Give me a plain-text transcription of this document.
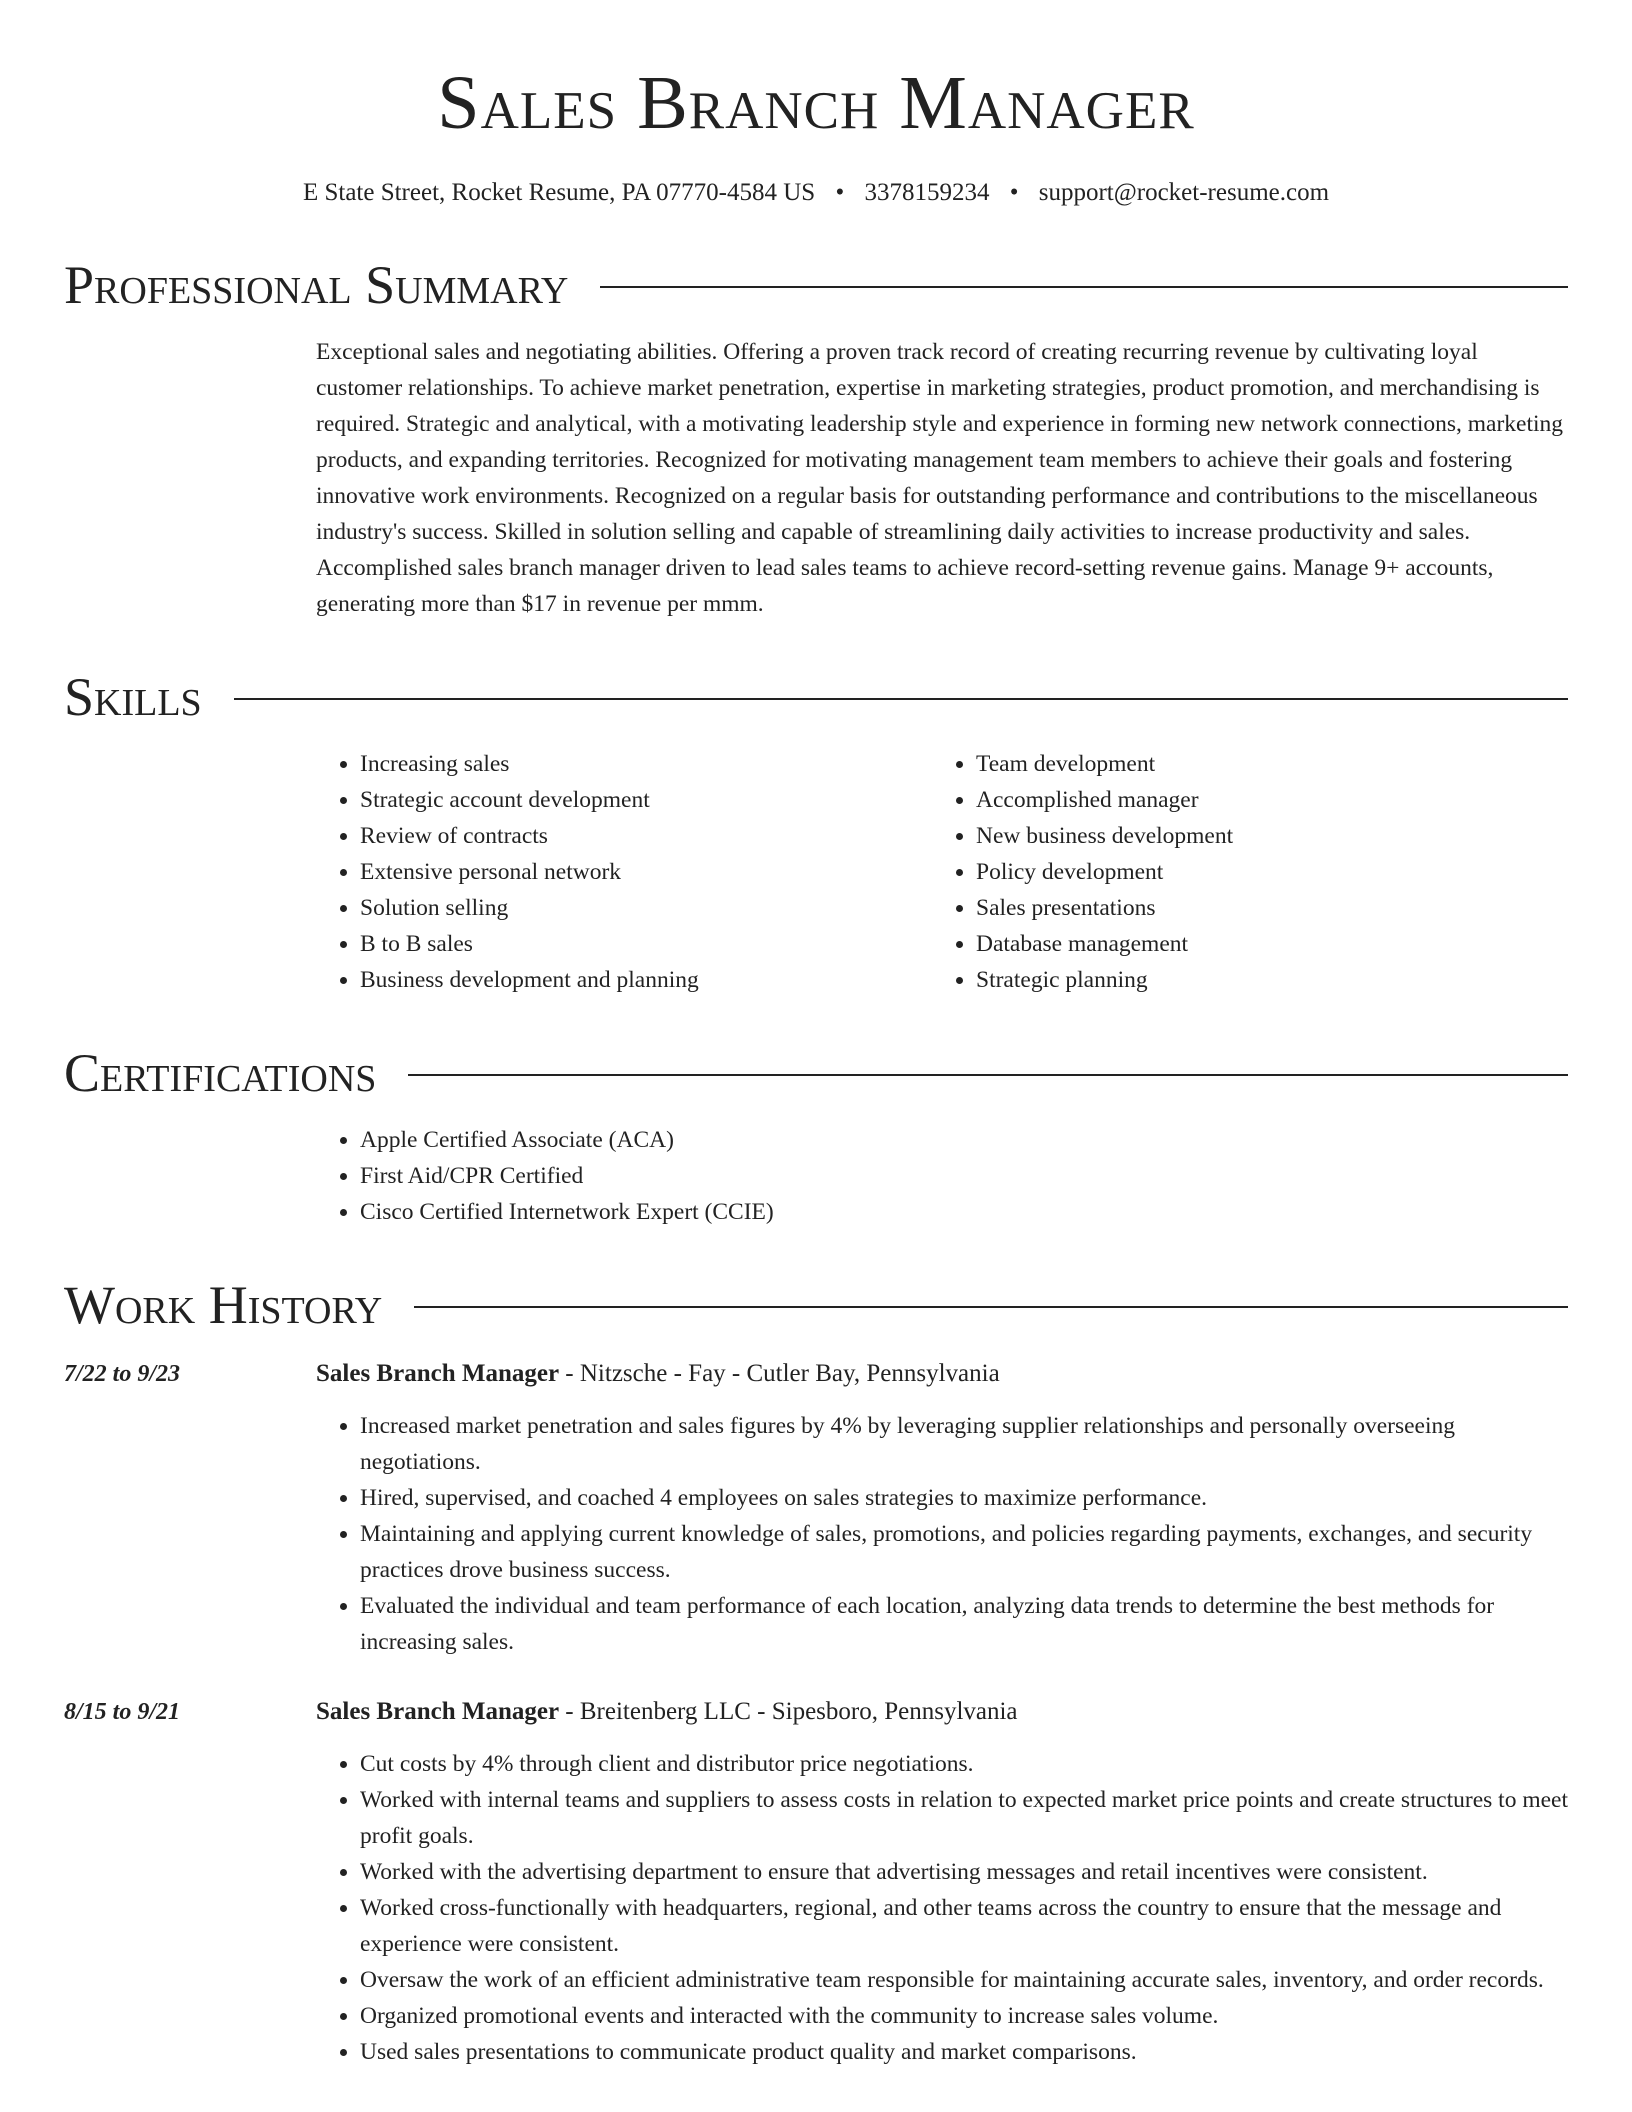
Sales Branch Manager
E State Street, Rocket Resume, PA 07770-4584 US • 3378159234 • support@rocket-resume.com
Professional Summary
Exceptional sales and negotiating abilities. Offering a proven track record of creating recurring revenue by cultivating loyal customer relationships. To achieve market penetration, expertise in marketing strategies, product promotion, and merchandising is required. Strategic and analytical, with a motivating leadership style and experience in forming new network connections, marketing products, and expanding territories. Recognized for motivating management team members to achieve their goals and fostering innovative work environments. Recognized on a regular basis for outstanding performance and contributions to the miscellaneous industry's success. Skilled in solution selling and capable of streamlining daily activities to increase productivity and sales. Accomplished sales branch manager driven to lead sales teams to achieve record-setting revenue gains. Manage 9+ accounts, generating more than $17 in revenue per mmm.
Skills
• Increasing sales
• Strategic account development
• Review of contracts
• Extensive personal network
• Solution selling
• B to B sales
• Business development and planning
• Team development
• Accomplished manager
• New business development
• Policy development
• Sales presentations
• Database management
• Strategic planning
Certifications
• Apple Certified Associate (ACA)
• First Aid/CPR Certified
• Cisco Certified Internetwork Expert (CCIE)
Work History
7/22 to 9/23	Sales Branch Manager - Nitzsche - Fay - Cutler Bay, Pennsylvania
• Increased market penetration and sales figures by 4% by leveraging supplier relationships and personally overseeing negotiations.
• Hired, supervised, and coached 4 employees on sales strategies to maximize performance.
• Maintaining and applying current knowledge of sales, promotions, and policies regarding payments, exchanges, and security practices drove business success.
• Evaluated the individual and team performance of each location, analyzing data trends to determine the best methods for increasing sales.
8/15 to 9/21	Sales Branch Manager - Breitenberg LLC - Sipesboro, Pennsylvania
• Cut costs by 4% through client and distributor price negotiations.
• Worked with internal teams and suppliers to assess costs in relation to expected market price points and create structures to meet profit goals.
• Worked with the advertising department to ensure that advertising messages and retail incentives were consistent.
• Worked cross-functionally with headquarters, regional, and other teams across the country to ensure that the message and experience were consistent.
• Oversaw the work of an efficient administrative team responsible for maintaining accurate sales, inventory, and order records.
• Organized promotional events and interacted with the community to increase sales volume.
• Used sales presentations to communicate product quality and market comparisons.
